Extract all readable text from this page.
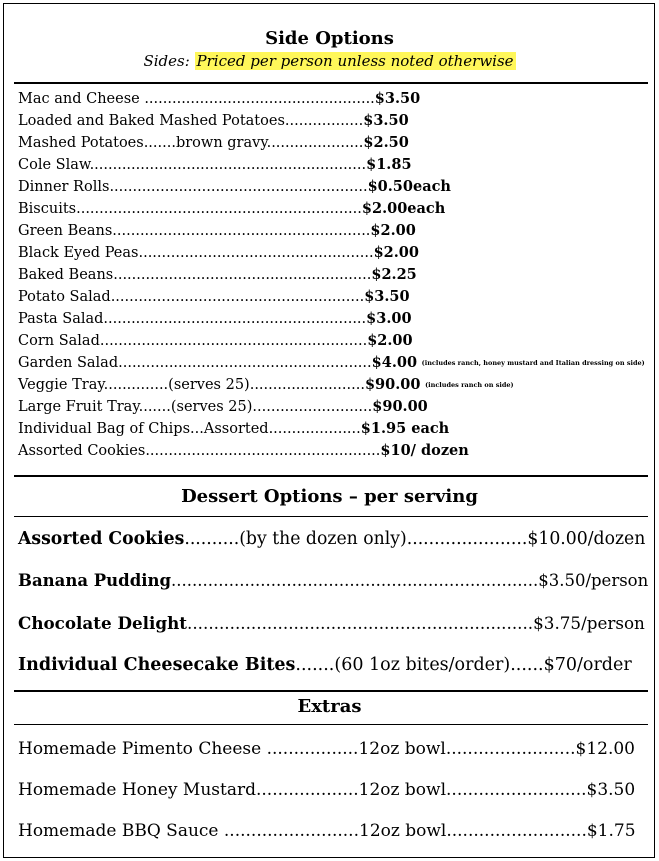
Side Options
Sides: Priced per person unless noted otherwise
Mac and Cheese ..................................................$3.50
Loaded and Baked Mashed Potatoes.................$3.50
Mashed Potatoes.......brown gravy.....................$2.50
Cole Slaw............................................................$1.85
Dinner Rolls........................................................$0.50each
Biscuits..............................................................$2.00each
Green Beans........................................................$2.00
Black Eyed Peas...................................................$2.00
Baked Beans........................................................$2.25
Potato Salad.......................................................$3.50
Pasta Salad.........................................................$3.00
Corn Salad..........................................................$2.00
Garden Salad.......................................................$4.00 (includes ranch, honey mustard and Italian dressing on side)
Veggie Tray..............(serves 25).........................$90.00 (includes ranch on side)
Large Fruit Tray.......(serves 25)..........................$90.00
Individual Bag of Chips...Assorted....................$1.95 each
Assorted Cookies...................................................$10/ dozen
Dessert Options – per serving
Assorted Cookies..........(by the dozen only)......................$10.00/dozen
Banana Pudding......................................................................$3.50/person
Chocolate Delight.................................................................$3.75/person
Individual Cheesecake Bites.......(60 1oz bites/order)......$70/order
Extras
Homemade Pimento Cheese .................12oz bowl........................$12.00
Homemade Honey Mustard...................12oz bowl..........................$3.50
Homemade BBQ Sauce .........................12oz bowl..........................$1.75
